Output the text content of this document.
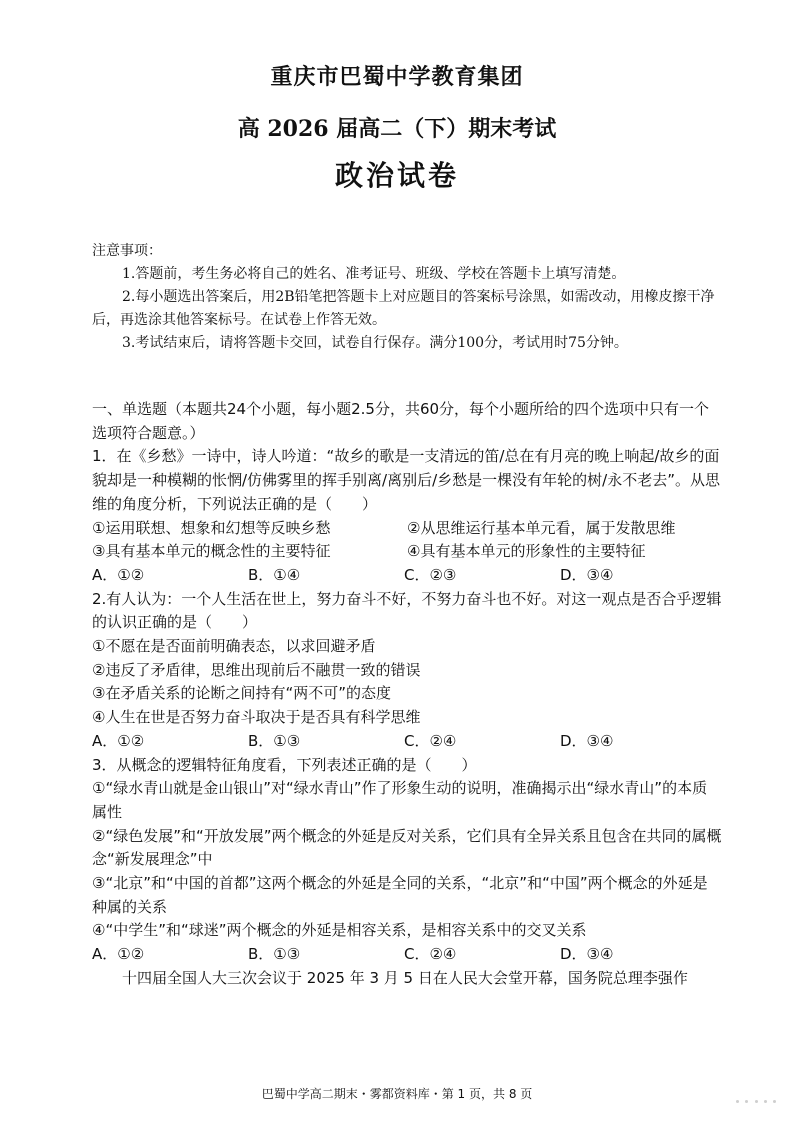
重庆市巴蜀中学教育集团
高 2026 届高二（下）期末考试
政治试卷
注意事项：
1.答题前，考生务必将自己的姓名、准考证号、班级、学校在答题卡上填写清楚。
2.每小题选出答案后，用2B铅笔把答题卡上对应题目的答案标号涂黑，如需改动，用橡皮擦干净后，再选涂其他答案标号。在试卷上作答无效。
3.考试结束后，请将答题卡交回，试卷自行保存。满分100分，考试用时75分钟。

一、单选题（本题共24个小题，每小题2.5分，共60分，每个小题所给的四个选项中只有一个选项符合题意。）

1．在《乡愁》一诗中，诗人吟道：“故乡的歌是一支清远的笛/总在有月亮的晚上响起/故乡的面貌却是一种模糊的怅惘/仿佛雾里的挥手别离/离别后/乡愁是一棵没有年轮的树/永不老去”。从思维的角度分析，下列说法正确的是（　　）

①运用联想、想象和幻想等反映乡愁	②从思维运行基本单元看，属于发散思维
③具有基本单元的概念性的主要特征	④具有基本单元的形象性的主要特征
A．①②	B．①④	C．②③	D．③④

2.有人认为：一个人生活在世上，努力奋斗不好，不努力奋斗也不好。对这一观点是否合乎逻辑的认识正确的是（　　）

①不愿在是否面前明确表态，以求回避矛盾

②违反了矛盾律，思维出现前后不融贯一致的错误

③在矛盾关系的论断之间持有“两不可”的态度

④人生在世是否努力奋斗取决于是否具有科学思维

A．①②	B．①③	C．②④	D．③④

3．从概念的逻辑特征角度看，下列表述正确的是（　　）

①“绿水青山就是金山银山”对“绿水青山”作了形象生动的说明，准确揭示出“绿水青山”的本质属性

②“绿色发展”和“开放发展”两个概念的外延是反对关系，它们具有全异关系且包含在共同的属概念“新发展理念”中

③“北京”和“中国的首都”这两个概念的外延是全同的关系，“北京”和“中国”两个概念的外延是种属的关系

④“中学生”和“球迷”两个概念的外延是相容关系，是相容关系中的交叉关系

A．①②	B．①③	C．②④	D．③④

十四届全国人大三次会议于 2025 年 3 月 5 日在人民大会堂开幕，国务院总理李强作

巴蜀中学高二期末・雾都资料库・第 1 页，共 8 页
